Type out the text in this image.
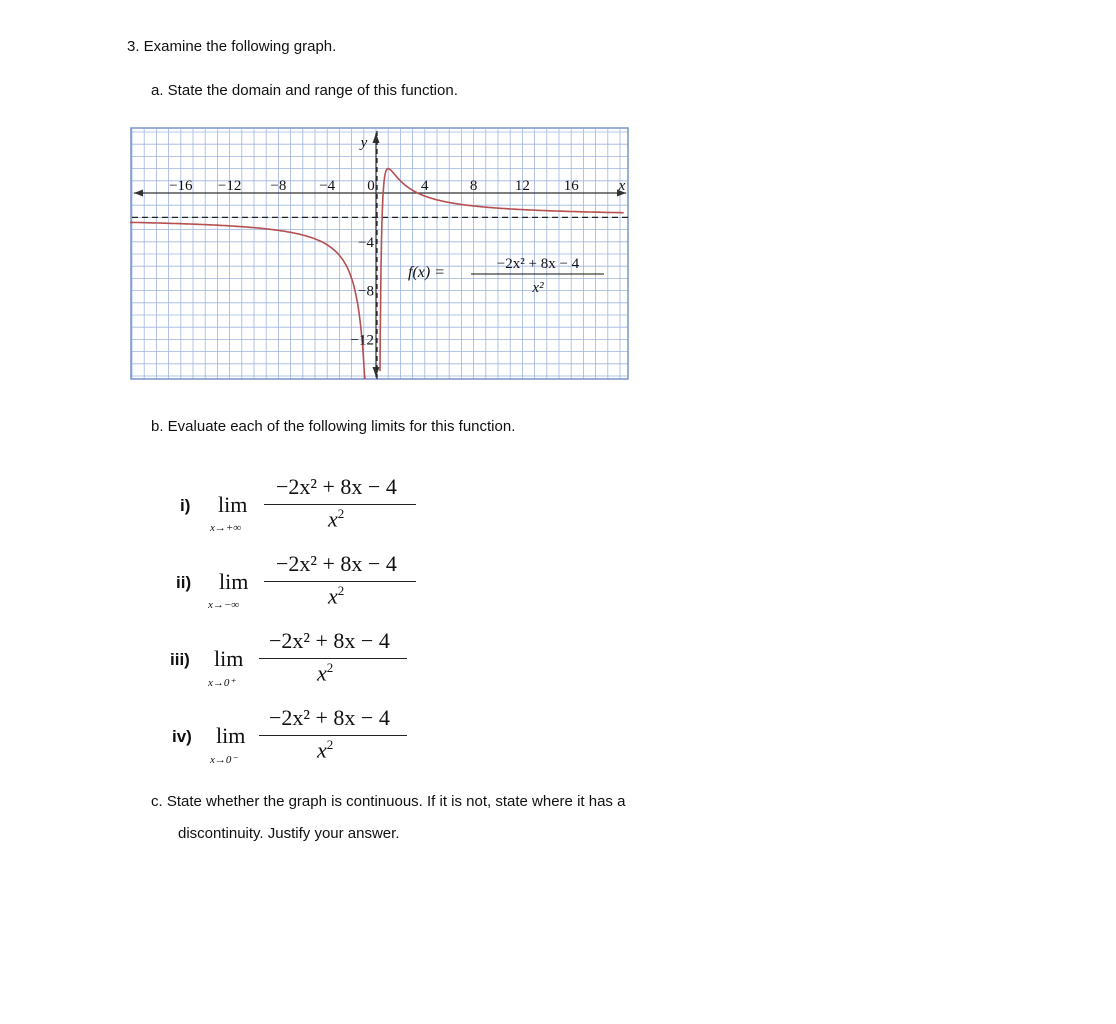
3. Examine the following graph.
a. State the domain and range of this function.
−16 −12 −8 −4 0	4	8	12 16
−4
−8
−12
x
y
f(x) =	−2x² + 8x − 4
x²
b. Evaluate each of the following limits for this function.
i) lim
x→+∞
−2x² + 8x − 4
$x^2$
ii) lim
x→−∞
−2x² + 8x − 4
$x^2$
iii) lim
x→0⁺
−2x² + 8x − 4
$x^2$
iv) lim
x→0⁻
−2x² + 8x − 4
$x^2$
c. State whether the graph is continuous. If it is not, state where it has a
discontinuity. Justify your answer.
